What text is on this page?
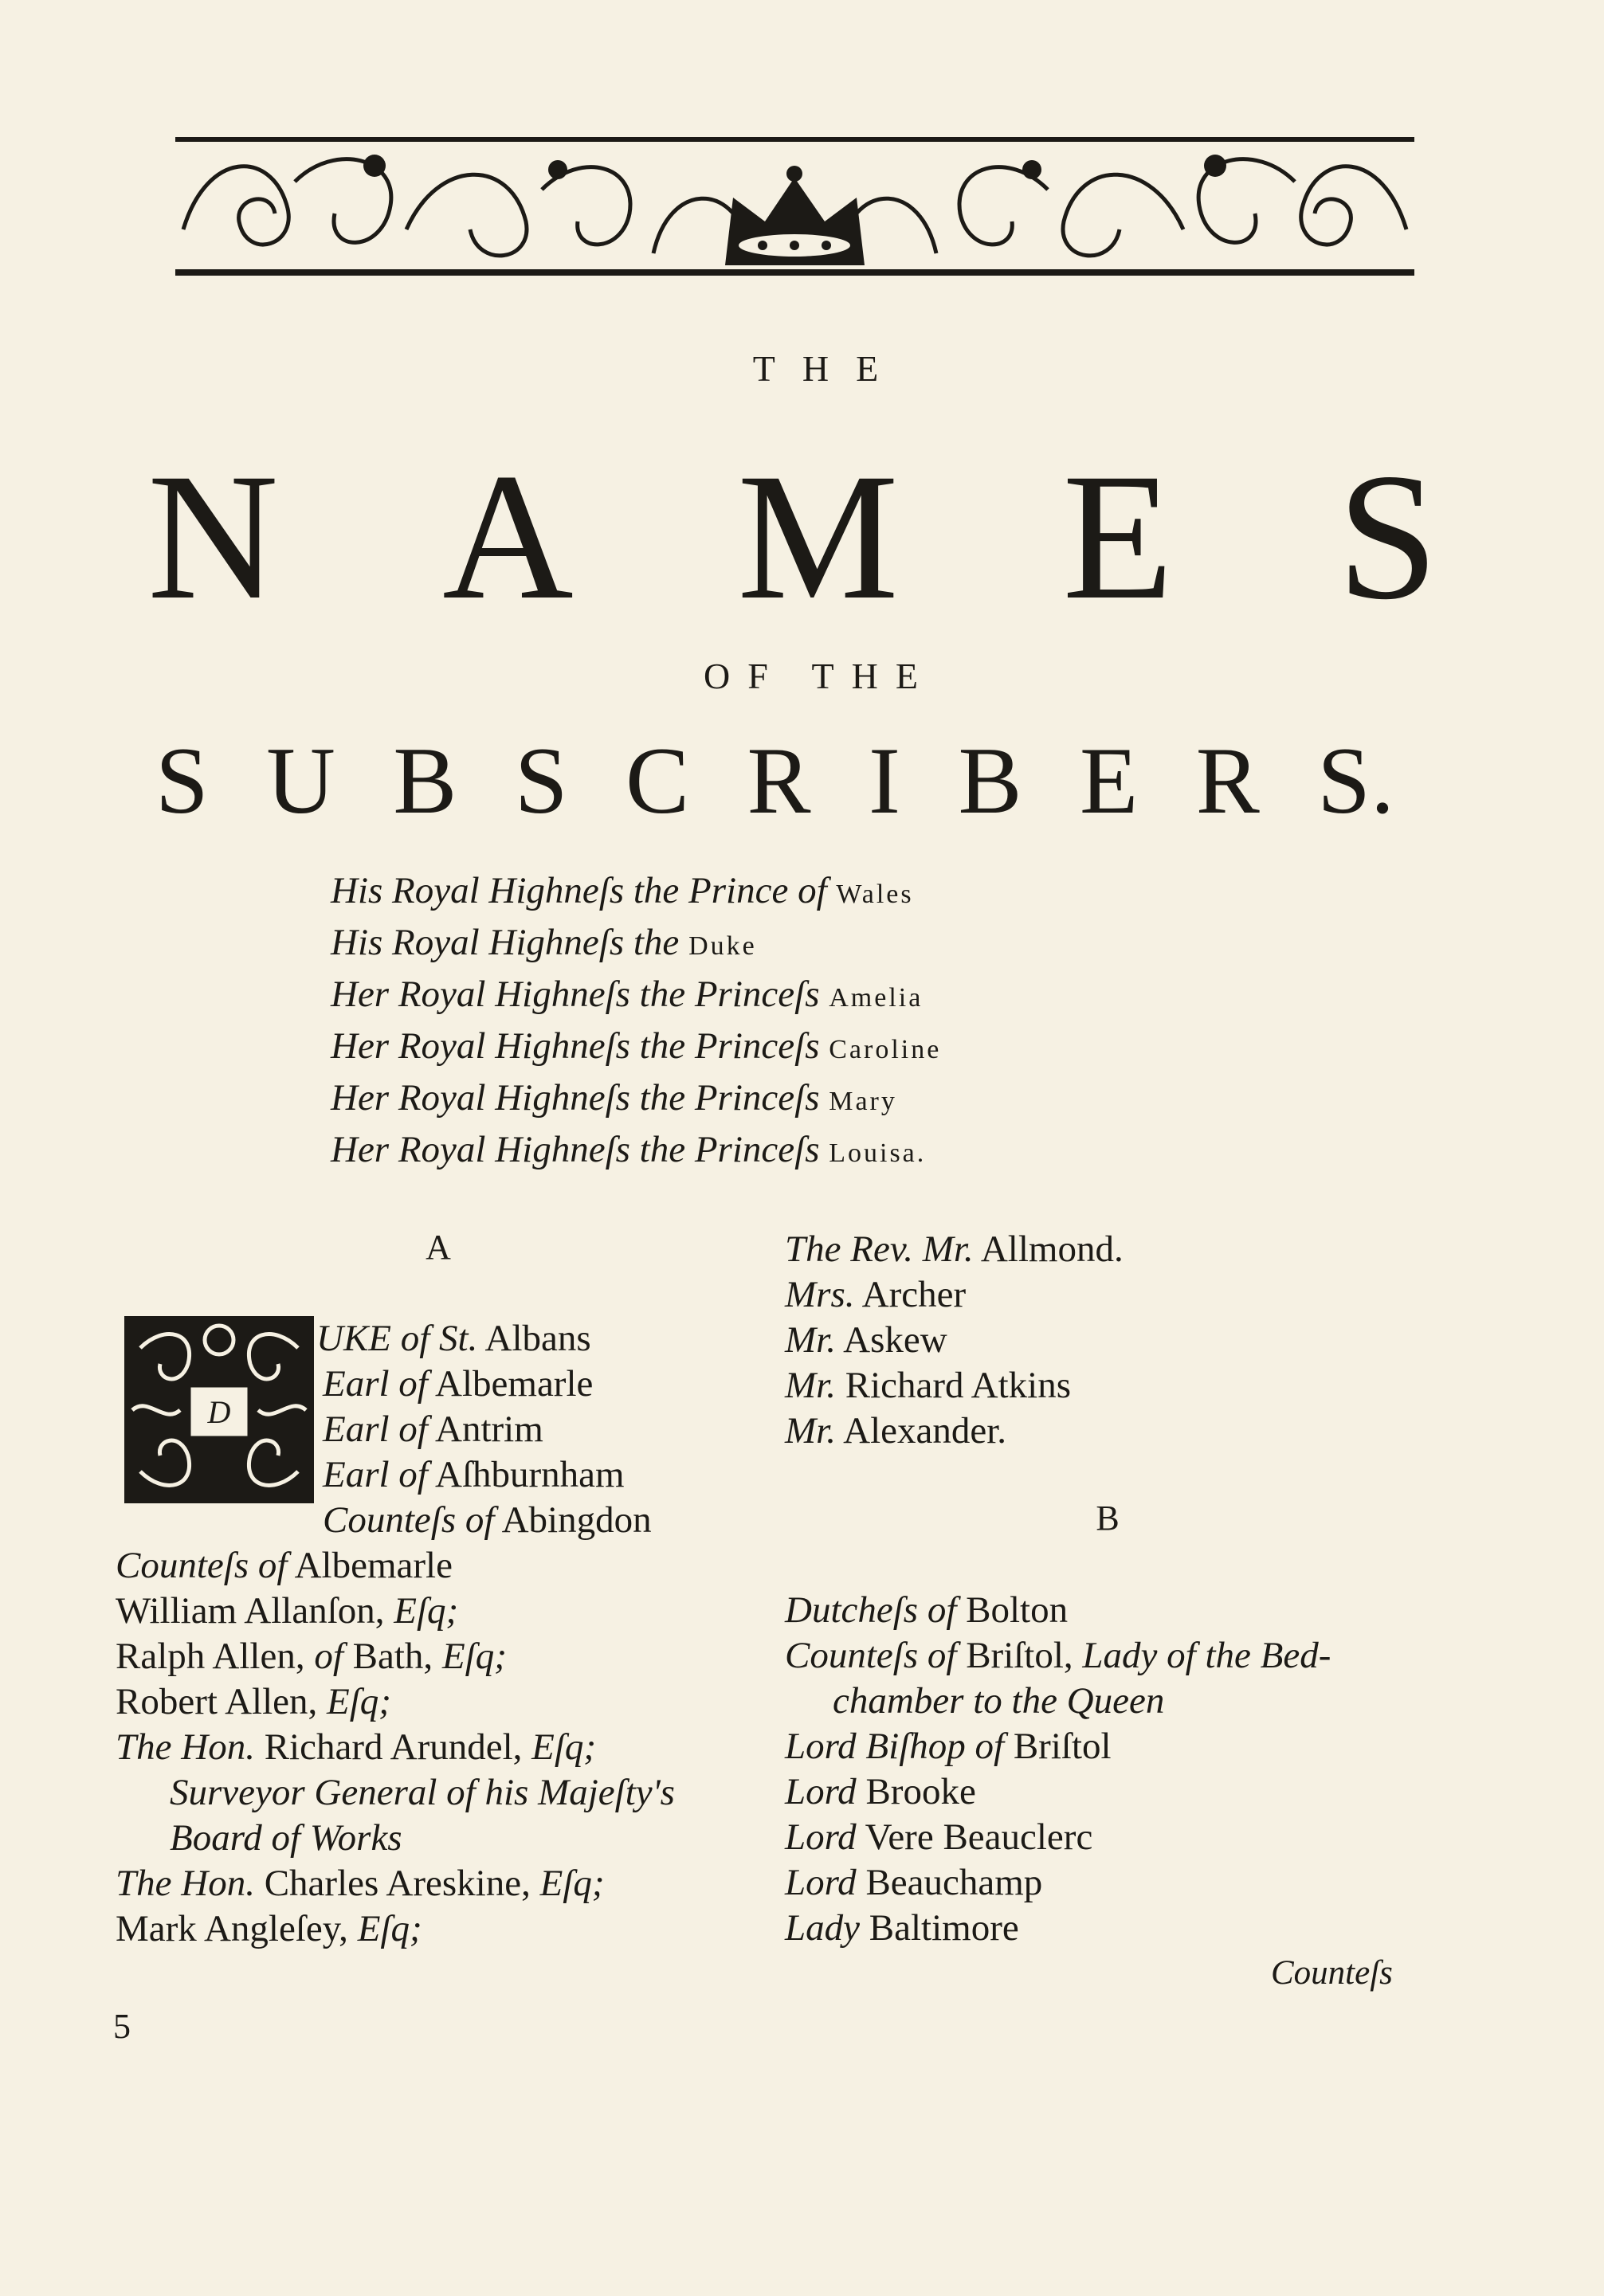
THE
N A M E S
OF THE
S U B S C R I B E R S.
His Royal Highneſs the Prince of Wales
His Royal Highneſs the Duke
Her Royal Highneſs the Princeſs Amelia
Her Royal Highneſs the Princeſs Caroline
Her Royal Highneſs the Princeſs Mary
Her Royal Highneſs the Princeſs Louisa.
A
D
UKE of St. Albans
Earl of Albemarle
Earl of Antrim
Earl of Aſhburnham
Counteſs of Abingdon
Counteſs of Albemarle
William Allanſon, Eſq;
Ralph Allen, of Bath, Eſq;
Robert Allen, Eſq;
The Hon. Richard Arundel, Eſq;
Surveyor General of his Majeſty's
Board of Works
The Hon. Charles Areskine, Eſq;
Mark Angleſey, Eſq;
The Rev. Mr. Allmond.
Mrs. Archer
Mr. Askew
Mr. Richard Atkins
Mr. Alexander.
B
Dutcheſs of Bolton
Counteſs of Briſtol, Lady of the Bed-
chamber to the Queen
Lord Biſhop of Briſtol
Lord Brooke
Lord Vere Beauclerc
Lord Beauchamp
Lady Baltimore
Counteſs
5
